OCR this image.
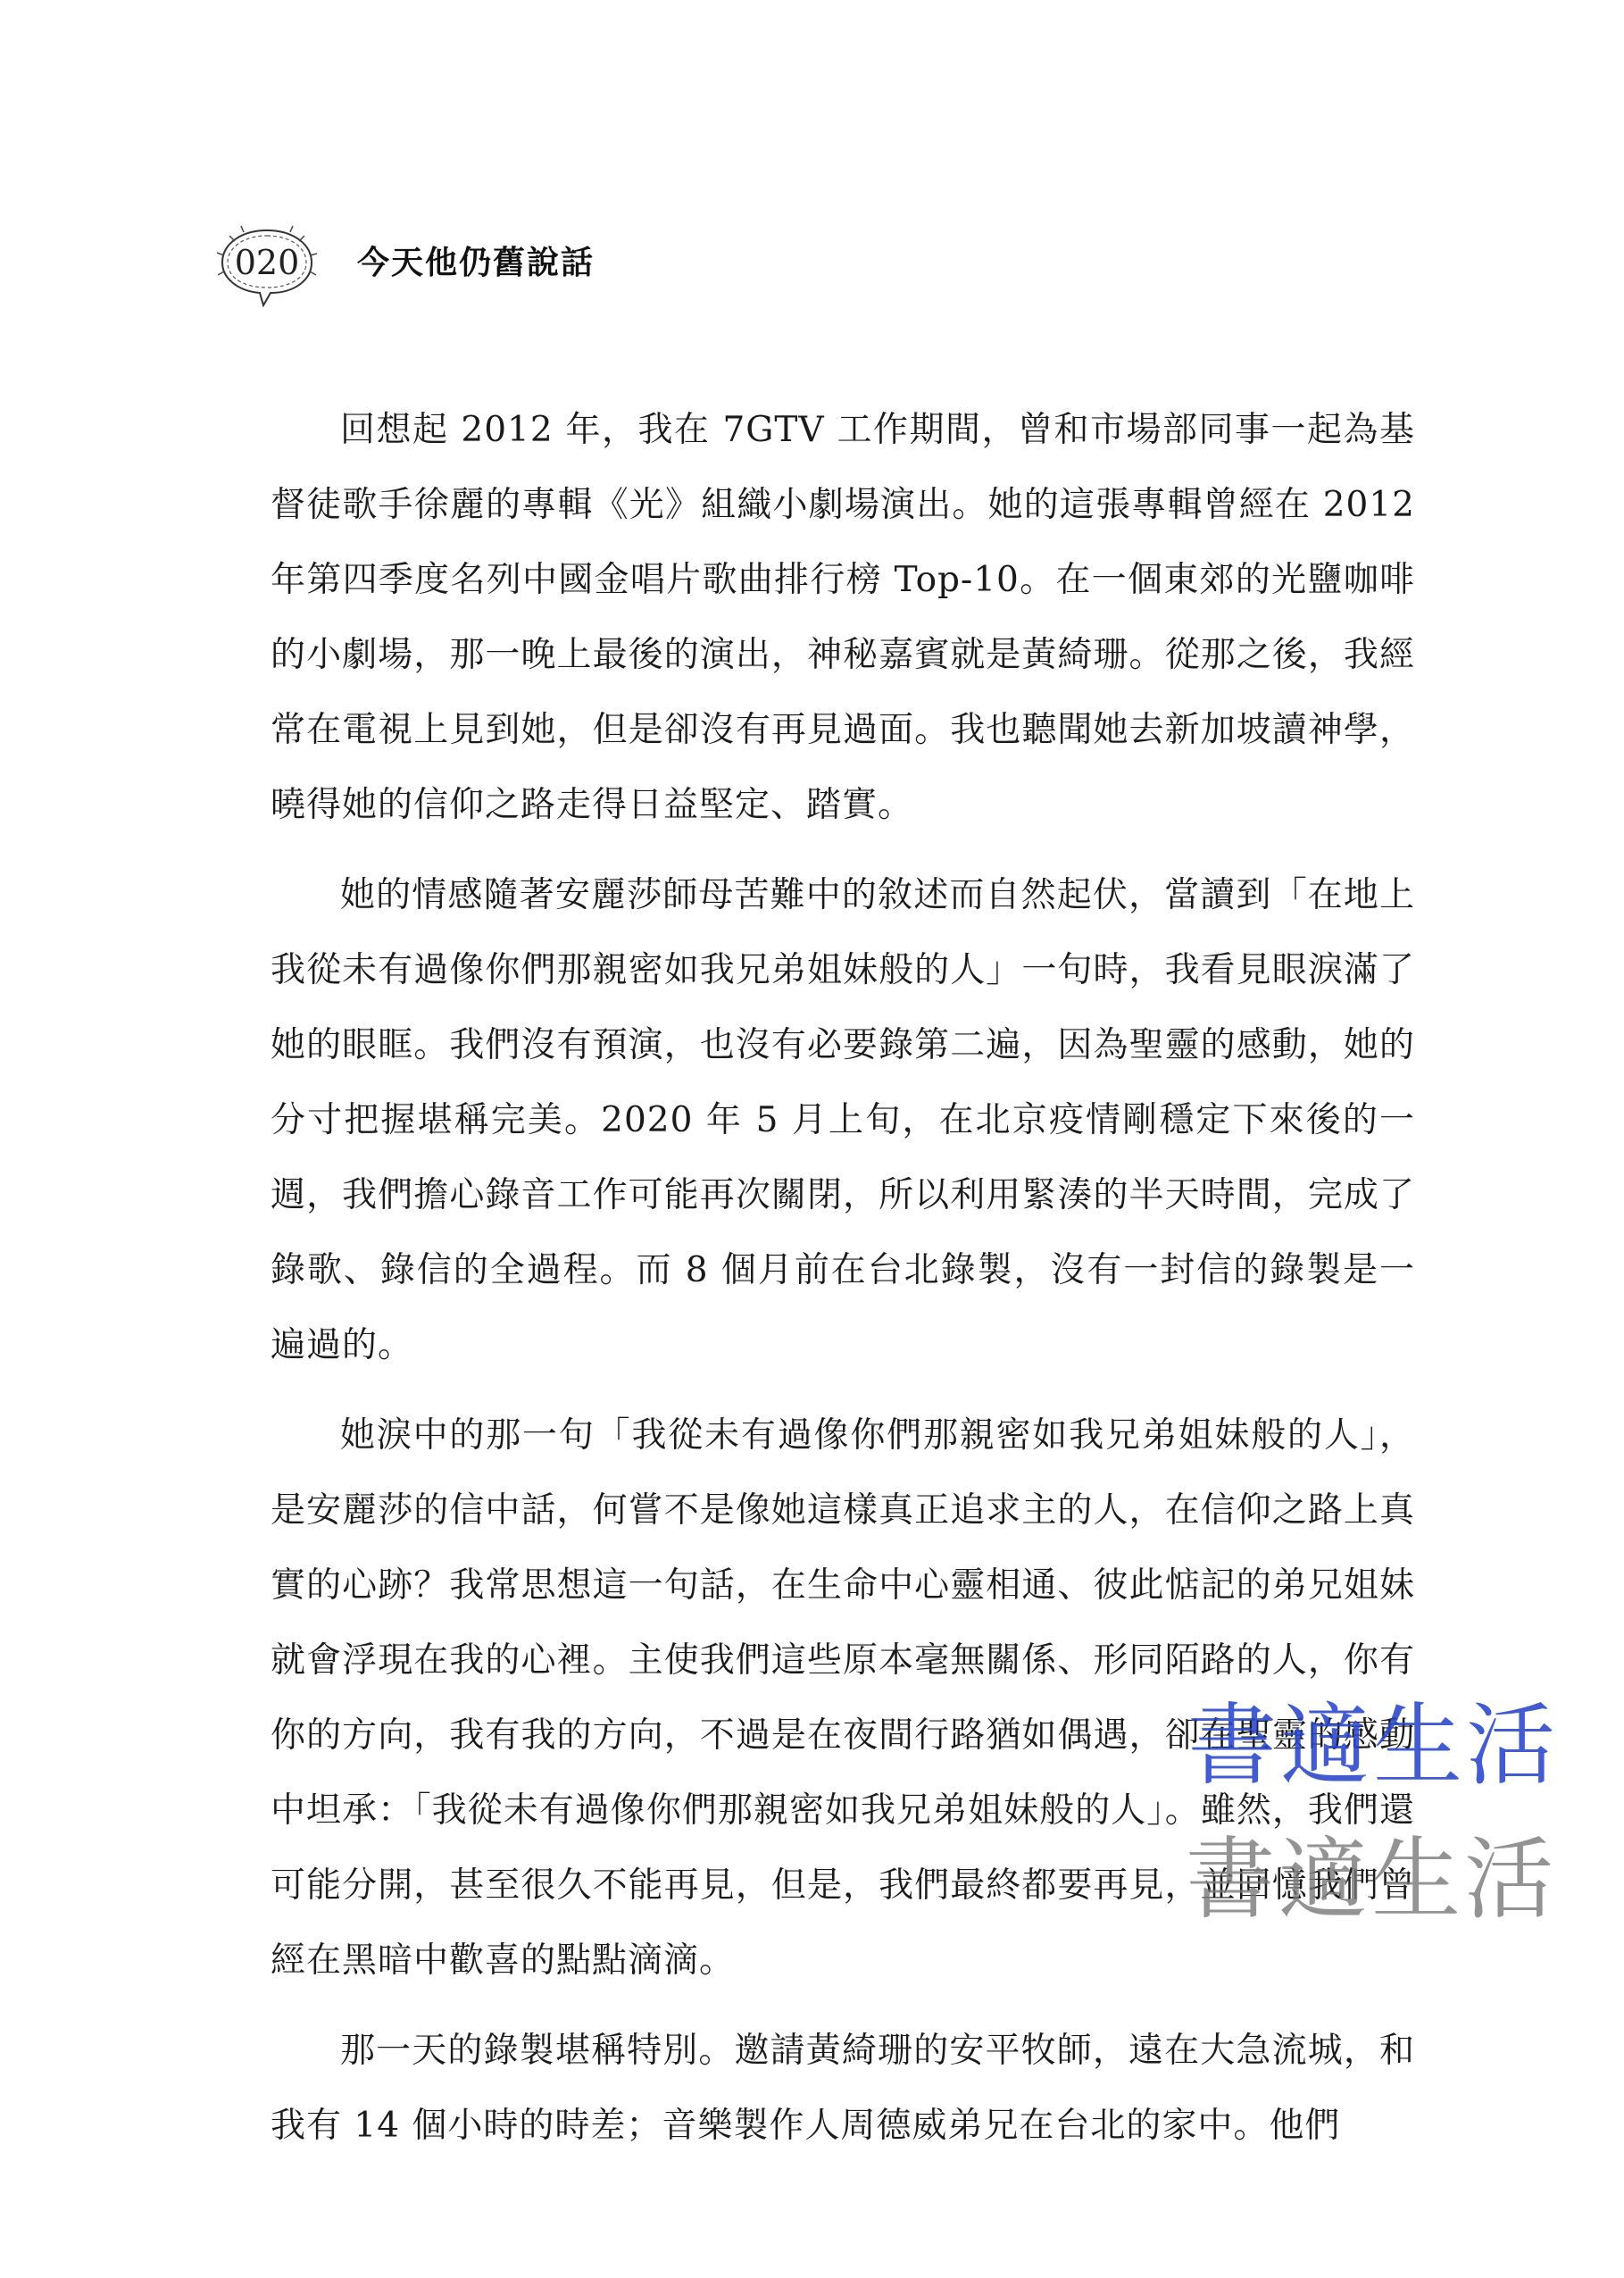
020	今天他仍舊說話

回想起 2012 年，我在 7GTV 工作期間，曾和市場部同事一起為基督徒歌手徐麗的專輯《光》組織小劇場演出。她的這張專輯曾經在 2012 年第四季度名列中國金唱片歌曲排行榜 Top-10。在一個東郊的光鹽咖啡的小劇場，那一晚上最後的演出，神秘嘉賓就是黃綺珊。從那之後，我經常在電視上見到她，但是卻沒有再見過面。我也聽聞她去新加坡讀神學，曉得她的信仰之路走得日益堅定、踏實。

她的情感隨著安麗莎師母苦難中的敘述而自然起伏，當讀到「在地上我從未有過像你們那親密如我兄弟姐妹般的人」一句時，我看見眼淚滿了她的眼眶。我們沒有預演，也沒有必要錄第二遍，因為聖靈的感動，她的分寸把握堪稱完美。2020 年 5 月上旬，在北京疫情剛穩定下來後的一週，我們擔心錄音工作可能再次關閉，所以利用緊湊的半天時間，完成了錄歌、錄信的全過程。而 8 個月前在台北錄製，沒有一封信的錄製是一遍過的。

她淚中的那一句「我從未有過像你們那親密如我兄弟姐妹般的人」，是安麗莎的信中話，何嘗不是像她這樣真正追求主的人，在信仰之路上真實的心跡？我常思想這一句話，在生命中心靈相通、彼此惦記的弟兄姐妹就會浮現在我的心裡。主使我們這些原本毫無關係、形同陌路的人，你有你的方向，我有我的方向，不過是在夜間行路猶如偶遇，卻在聖靈的感動中坦承：「我從未有過像你們那親密如我兄弟姐妹般的人」。雖然，我們還可能分開，甚至很久不能再見，但是，我們最終都要再見，並回憶我們曾經在黑暗中歡喜的點點滴滴。

那一天的錄製堪稱特別。邀請黃綺珊的安平牧師，遠在大急流城，和我有 14 個小時的時差；音樂製作人周德威弟兄在台北的家中。他們

書適生活
書適生活
